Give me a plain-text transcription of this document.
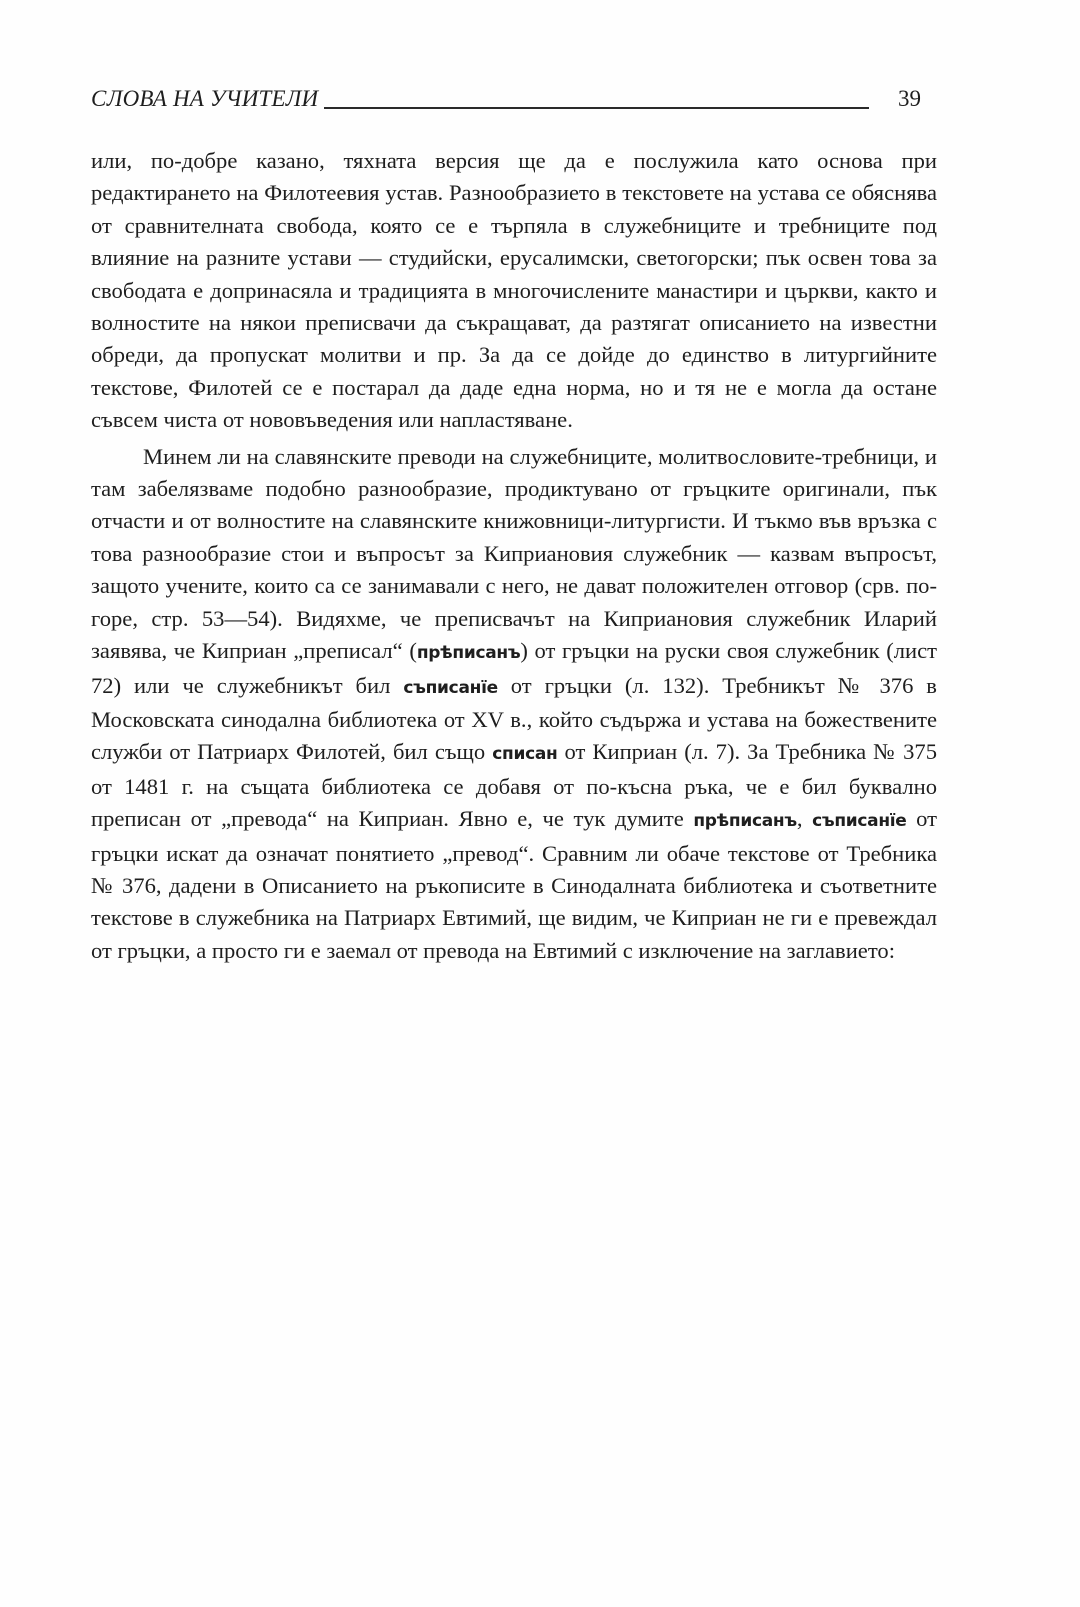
СЛОВА НА УЧИТЕЛИ	39

или, по-добре казано, тяхната версия ще да е послужила като основа при редактирането на Филотеевия устав. Разнообразието в текстовете на устава се обяснява от сравнителната свобода, която се е търпяла в служебниците и требниците под влияние на разните устави — студийски, ерусалимски, светогорски; пък освен това за свободата е допринасяла и традицията в многочислените манастири и църкви, както и волностите на някои преписвачи да съкращават, да разтягат описанието на известни обреди, да пропускат молитви и пр. За да се дойде до единство в литургийните текстове, Филотей се е постарал да даде една норма, но и тя не е могла да остане съвсем чиста от нововъведения или напластяване.

Минем ли на славянските преводи на служебниците, молитвословите-требници, и там забелязваме подобно разнообразие, продиктувано от гръцките оригинали, пък отчасти и от волностите на славянските книжовници-литургисти. И тъкмо във връзка с това разнообразие стои и въпросът за Киприановия служебник — казвам въпросът, защото учените, които са се занимавали с него, не дават положителен отговор (срв. по-горе, стр. 53—54). Видяхме, че преписвачът на Киприановия служебник Иларий заявява, че Киприан „преписал“ (прѣписанъ) от гръцки на руски своя служебник (лист 72) или че служебникът бил съписанїе от гръцки (л. 132). Требникът № 376 в Московската синодална библиотека от XV в., който съдържа и устава на божествените служби от Патриарх Филотей, бил също списан от Киприан (л. 7). За Требника № 375 от 1481 г. на същата библиотека се добавя от по-късна ръка, че е бил буквално преписан от „превода“ на Киприан. Явно е, че тук думите прѣписанъ, съписанїе от гръцки искат да означат понятието „превод“. Сравним ли обаче текстове от Требника № 376, дадени в Описанието на ръкописите в Синодалната библиотека и съответните текстове в служебника на Патриарх Евтимий, ще видим, че Киприан не ги е превеждал от гръцки, а просто ги е заемал от превода на Евтимий с изключение на заглавието:
